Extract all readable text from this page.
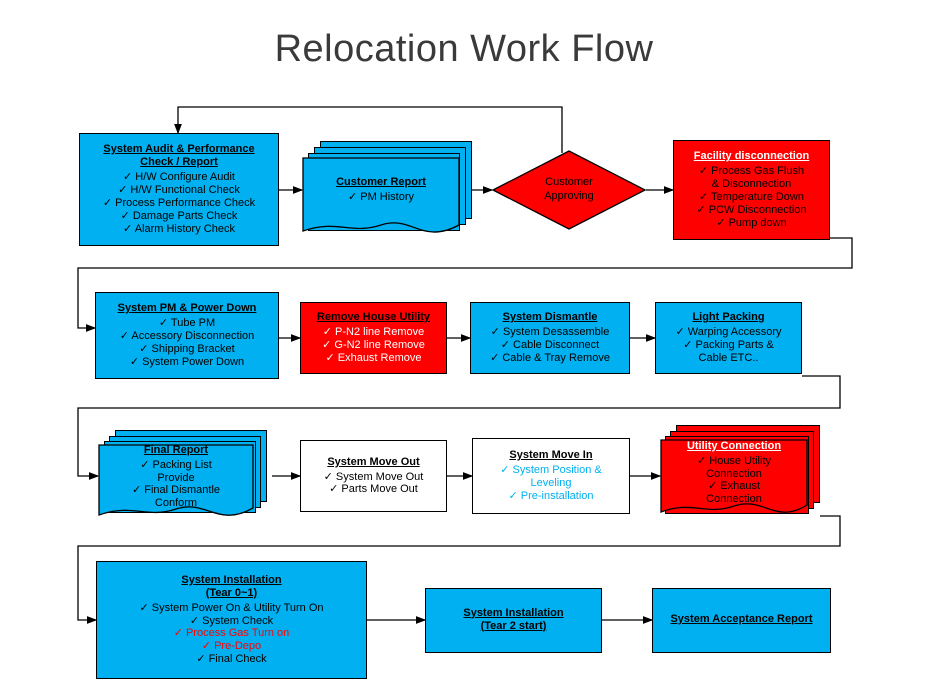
Relocation Work Flow
System Audit & Performance
Check / Report
✓ H/W Configure Audit
✓ H/W Functional Check
✓ Process Performance Check
✓ Damage Parts Check
✓ Alarm History Check
Customer Report
✓ PM History
Customer
Approving
Facility disconnection
✓ Process Gas Flush
& Disconnection
✓ Temperature Down
✓ PCW Disconnection
✓ Pump down
System PM & Power Down
✓ Tube PM
✓ Accessory Disconnection
✓ Shipping Bracket
✓ System Power Down
Remove House Utility
✓ P-N2 line Remove
✓ G-N2 line Remove
✓ Exhaust Remove
System Dismantle
✓ System Desassemble
✓ Cable Disconnect
✓ Cable & Tray Remove
Light Packing
✓ Warping Accessory
✓ Packing Parts &
Cable ETC..
Final Report
✓ Packing List
Provide
✓ Final Dismantle
Conform
System Move Out
✓ System Move Out
✓ Parts Move Out
System Move In
✓ System Position &
Leveling
✓ Pre-installation
Utility Connection
✓ House Utility
Connection
✓ Exhaust
Connection
System Installation
(Tear 0~1)
✓ System Power On & Utility Turn On
✓ System Check
✓ Process Gas Turn on
✓ Pre-Depo
✓ Final Check
System Installation
(Tear 2 start)
System Acceptance Report
